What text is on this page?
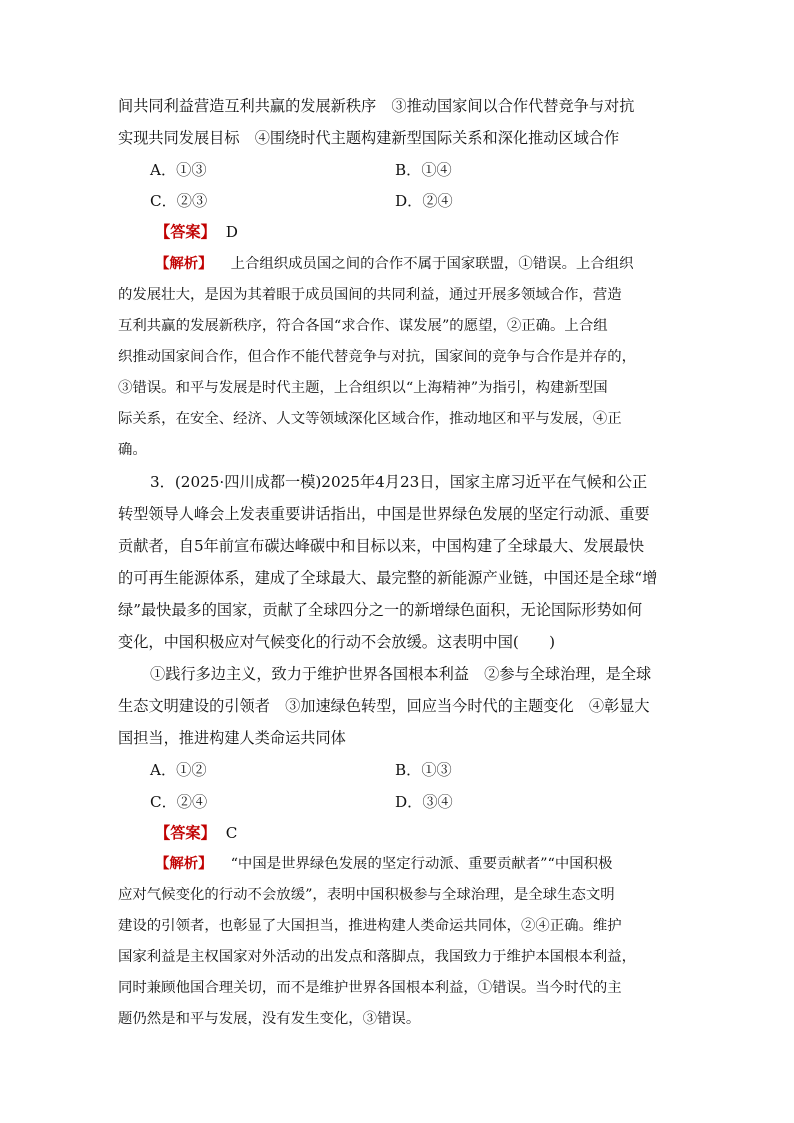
间共同利益营造互利共赢的发展新秩序　③推动国家间以合作代替竞争与对抗
实现共同发展目标　④围绕时代主题构建新型国际关系和深化推动区域合作
A．①③	B．①④
C．②③	D．②④
【答案】 D
【解析】 上合组织成员国之间的合作不属于国家联盟，①错误。上合组织
的发展壮大，是因为其着眼于成员国间的共同利益，通过开展多领域合作，营造
互利共赢的发展新秩序，符合各国“求合作、谋发展”的愿望，②正确。上合组
织推动国家间合作，但合作不能代替竞争与对抗，国家间的竞争与合作是并存的，
③错误。和平与发展是时代主题，上合组织以“上海精神”为指引，构建新型国
际关系，在安全、经济、人文等领域深化区域合作，推动地区和平与发展，④正
确。
3．(2025·四川成都一模)2025年4月23日，国家主席习近平在气候和公正
转型领导人峰会上发表重要讲话指出，中国是世界绿色发展的坚定行动派、重要
贡献者，自5年前宣布碳达峰碳中和目标以来，中国构建了全球最大、发展最快
的可再生能源体系，建成了全球最大、最完整的新能源产业链，中国还是全球“增
绿”最快最多的国家，贡献了全球四分之一的新增绿色面积，无论国际形势如何
变化，中国积极应对气候变化的行动不会放缓。这表明中国(　　)
①践行多边主义，致力于维护世界各国根本利益　②参与全球治理，是全球
生态文明建设的引领者　③加速绿色转型，回应当今时代的主题变化　④彰显大
国担当，推进构建人类命运共同体
A．①②	B．①③
C．②④	D．③④
【答案】 C
【解析】 “中国是世界绿色发展的坚定行动派、重要贡献者”“中国积极
应对气候变化的行动不会放缓”，表明中国积极参与全球治理，是全球生态文明
建设的引领者，也彰显了大国担当，推进构建人类命运共同体，②④正确。维护
国家利益是主权国家对外活动的出发点和落脚点，我国致力于维护本国根本利益，
同时兼顾他国合理关切，而不是维护世界各国根本利益，①错误。当今时代的主
题仍然是和平与发展，没有发生变化，③错误。
